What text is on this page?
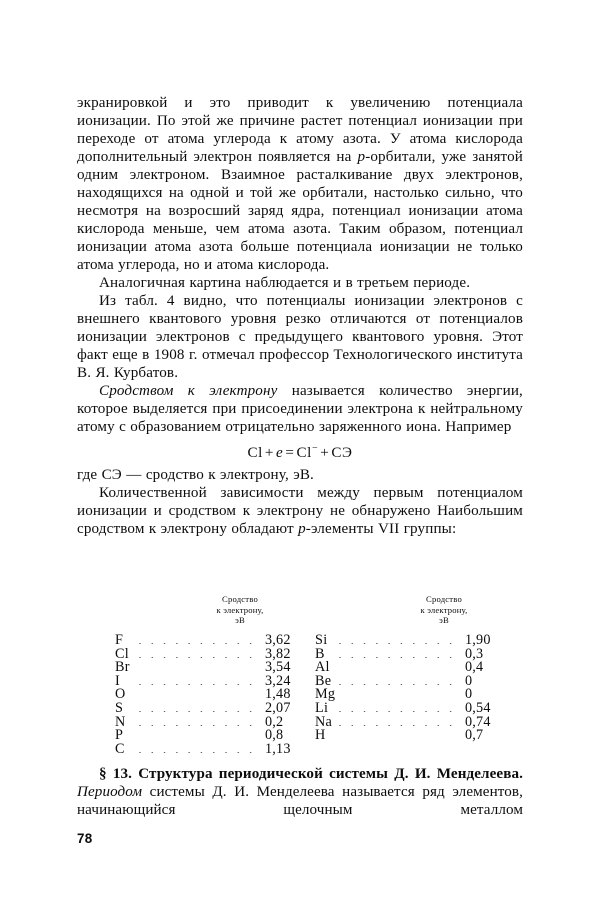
экранировкой и это приводит к увеличению потенциала ионизации. По этой же причине растет потенциал ионизации при переходе от атома углерода к атому азота. У атома кислорода дополнительный электрон появляется на p-орбитали, уже занятой одним электроном. Взаимное расталкивание двух электронов, находящихся на одной и той же орбитали, настолько сильно, что несмотря на возросший заряд ядра, потенциал ионизации атома кислорода меньше, чем атома азота. Таким образом, потенциал ионизации атома азота больше потенциала ионизации не только атома углерода, но и атома кислорода.

Аналогичная картина наблюдается и в третьем периоде.

Из табл. 4 видно, что потенциалы ионизации электронов с внешнего квантового уровня резко отличаются от потенциалов ионизации электронов с предыдущего квантового уровня. Этот факт еще в 1908 г. отмечал профессор Технологического института В. Я. Курбатов.

Сродством к электрону называется количество энергии, которое выделяется при присоединении электрона к нейтральному атому с образованием отрицательно заряженного иона. Например

Cl + e = Cl− + СЭ

где СЭ — сродство к электрону, эВ.

Количественной зависимости между первым потенциалом ионизации и сродством к электрону не обнаружено Наибольшим сродством к электрону обладают p-элементы VII группы:

Сродство
к электрону,
эВ
Сродство
к электрону,
эВ
F . . .	3,62
Cl . . .	3,82
Br . . .	3,54
I . . .	3,24
O . . .	1,48
S . . .	2,07
N . . .	0,2
P . . .	0,8
C . . .	1,13
Si . . .	1,90
B . . .	0,3
Al . . .	0,4
Be . . .	0
Mg . . .	0
Li . . .	0,54
Na . . .	0,74
H . . .	0,7

§ 13. Структура периодической системы Д. И. Менделеева. Периодом системы Д. И. Менделеева называется ряд элементов, начинающийся щелочным металлом

78
